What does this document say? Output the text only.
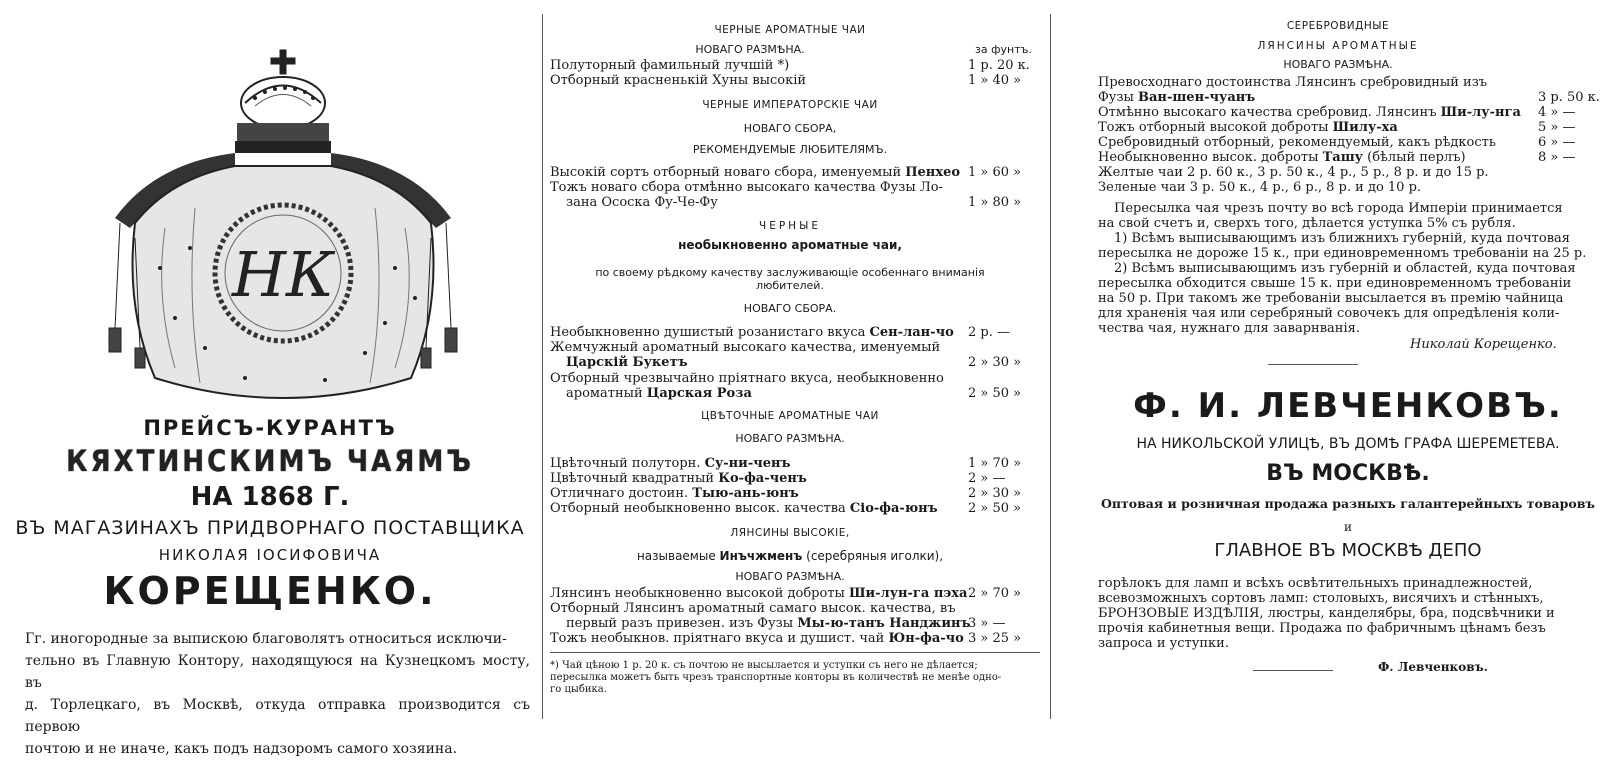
НК
ПРЕЙСЪ-КУРАНТЪ
КЯХТИНСКИМЪ ЧАЯМЪ
НА 1868 Г.
ВЪ МАГАЗИНАХЪ ПРИДВОРНАГО ПОСТАВЩИКА
НИКОЛАЯ ІОСИФОВИЧА
КОРЕЩЕНКО.
Гг. иногородные за выпискою благоволятъ относиться исключи-
тельно въ Главную Контору, находящуюся на Кузнецкомъ мосту, въ
д. Торлецкаго, въ Москвѣ, откуда отправка производится съ первою
почтою и не иначе, какъ подъ надзоромъ самого хозяина.
ЧЕРНЫЕ АРОМАТНЫЕ ЧАИ
НОВАГО РАЗМѢНА.	за фунтъ.
Полуторный фамильный лучшій *)	1 р. 20 к.
Отборный красненькій Хуны высокій	1 » 40 »
ЧЕРНЫЕ ИМПЕРАТОРСКІЕ ЧАИ
НОВАГО СБОРА,
РЕКОМЕНДУЕМЫЕ ЛЮБИТЕЛЯМЪ.
Высокій сортъ отборный новаго сбора, именуемый Пенхео 1 » 60 »
Тожъ новаго сбора отмѣнно высокаго качества Фузы Ло-
зана Ососка Фу-Че-Фу	1 » 80 »
ЧЕРНЫЕ
необыкновенно ароматные чаи,
по своему рѣдкому качеству заслуживающіе особеннаго вниманія
любителей.
НОВАГО СБОРА.
Необыкновенно душистый розанистаго вкуса Сен-лан-чо 2 р. —
Жемчужный ароматный высокаго качества, именуемый
Царскій Букетъ	2 » 30 »
Отборный чрезвычайно пріятнаго вкуса, необыкновенно
ароматный Царская Роза	2 » 50 »
ЦВѢТОЧНЫЕ АРОМАТНЫЕ ЧАИ
НОВАГО РАЗМѢНА.
Цвѣточный полуторн. Су-ни-ченъ	1 » 70 »
Цвѣточный квадратный Ко-фа-ченъ	2 » —
Отличнаго достоин. Тыю-ань-юнъ	2 » 30 »
Отборный необыкновенно высок. качества Сіо-фа-юнъ 2 » 50 »
ЛЯНСИНЫ ВЫСОКІЕ,
называемые Инъчжменъ (серебряныя иголки),
НОВАГО РАЗМѢНА.
Лянсинъ необыкновенно высокой доброты Ши-лун-га пэха 2 » 70 »
Отборный Лянсинъ ароматный самаго высок. качества, въ
первый разъ привезен. изъ Фузы Мы-ю-танъ Нанджинъ
3 » —
Тожъ необыкнов. пріятнаго вкуса и душист. чай Юн-фа-чо 3 » 25 »
*) Чай цѣною 1 р. 20 к. съ почтою не высылается и уступки съ него не дѣлается;
пересылка можетъ быть чрезъ транспортные конторы въ количествѣ не менѣе одно-
го цыбика.
СЕРЕБРОВИДНЫЕ
ЛЯНСИНЫ АРОМАТНЫЕ
НОВАГО РАЗМѢНА.
Превосходнаго достоинства Лянсинъ сребровидный изъ
Фузы Ван-шен-чуанъ	3 р. 50 к.
Отмѣнно высокаго качества сребровид. Лянсинъ Ши-лу-нга 4 » —
Тожъ отборный высокой доброты Шилу-ха	5 » —
Сребровидный отборный, рекомендуемый, какъ рѣдкость	6 » —
Необыкновенно высок. доброты Ташу (бѣлый перлъ)	8 » —
Желтые чаи 2 р. 60 к., 3 р. 50 к., 4 р., 5 р., 8 р. и до 15 р.
Зеленые чаи 3 р. 50 к., 4 р., 6 р., 8 р. и до 10 р.
Пересылка чая чрезъ почту во всѣ города Имперіи принимается
на свой счетъ и, сверхъ того, дѣлается уступка 5% съ рубля.
1) Всѣмъ выписывающимъ изъ ближнихъ губерній, куда почтовая
пересылка не дороже 15 к., при единовременномъ требованіи на 25 р.
2) Всѣмъ выписывающимъ изъ губерній и областей, куда почтовая
пересылка обходится свыше 15 к. при единовременномъ требованіи
на 50 р. При такомъ же требованіи высылается въ премію чайница
для храненія чая или серебряный совочекъ для опредѣленія коли-
чества чая, нужнаго для заварнванія.
Николай Корещенко.
Ф. И. ЛЕВЧЕНКОВЪ.
НА НИКОЛЬСКОЙ УЛИЦѢ, ВЪ ДОМѢ ГРАФА ШЕРЕМЕТЕВА.
ВЪ МОСКВѢ.
Оптовая и розничная продажа разныхъ галантерейныхъ товаровъ
и
ГЛАВНОЕ ВЪ МОСКВѢ ДЕПО
горѣлокъ для ламп и всѣхъ освѣтительныхъ принадлежностей,
всевозможныхъ сортовъ ламп: столовыхъ, висячихъ и стѣнныхъ,
БРОНЗОВЫЕ ИЗДѢЛІЯ, люстры, канделябры, бра, подсвѣчники и
прочія кабинетныя вещи. Продажа по фабричнымъ цѣнамъ безъ
запроса и уступки.
Ф. Левченковъ.
